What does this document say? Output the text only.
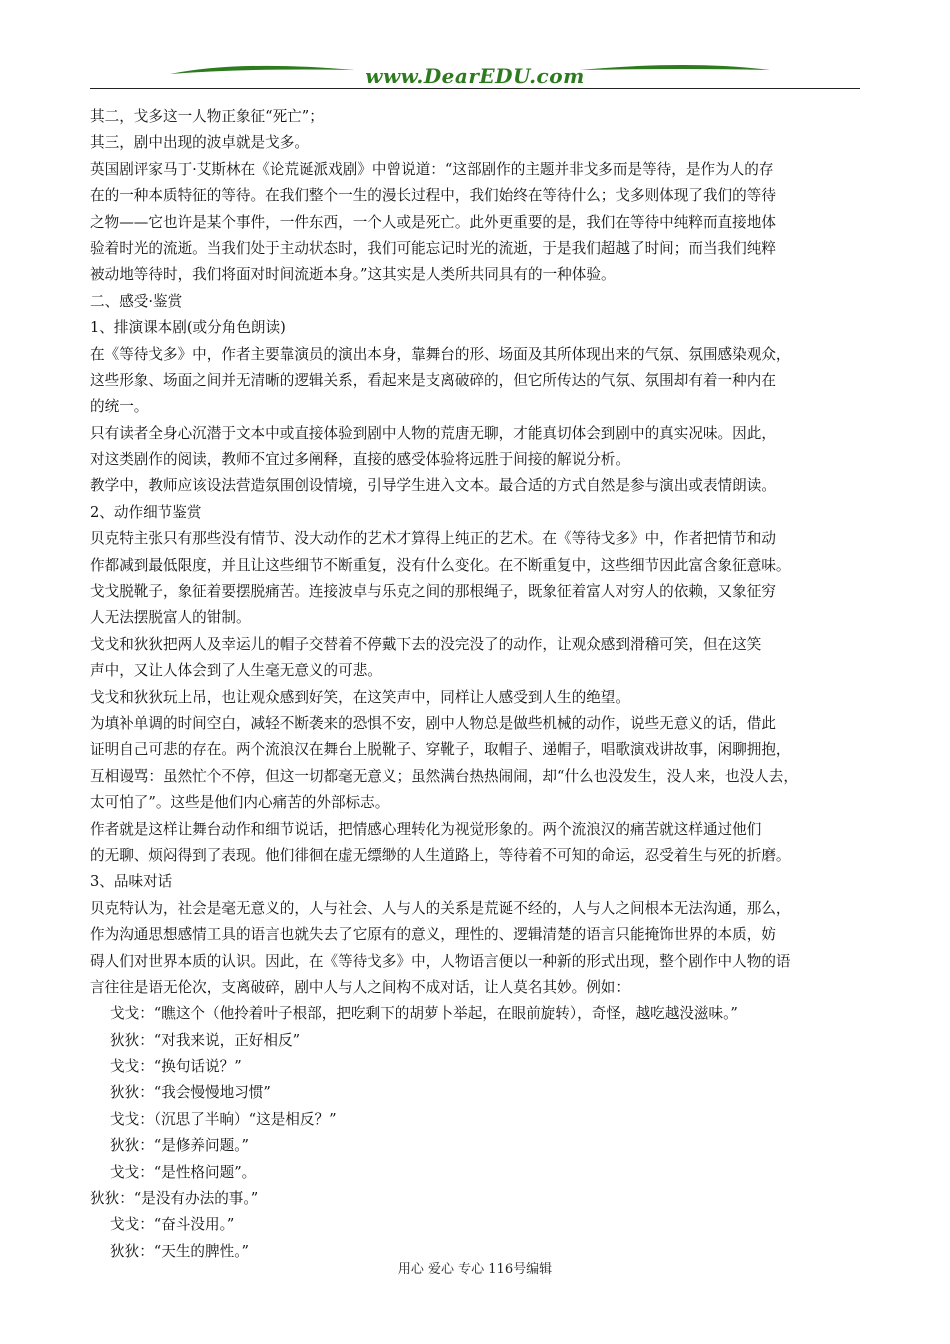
www.DearEDU.com
其二，戈多这一人物正象征“死亡”；
其三，剧中出现的波卓就是戈多。
英国剧评家马丁·艾斯林在《论荒诞派戏剧》中曾说道：“这部剧作的主题并非戈多而是等待，是作为人的存
在的一种本质特征的等待。在我们整个一生的漫长过程中，我们始终在等待什么；戈多则体现了我们的等待
之物——它也许是某个事件，一件东西，一个人或是死亡。此外更重要的是，我们在等待中纯粹而直接地体
验着时光的流逝。当我们处于主动状态时，我们可能忘记时光的流逝，于是我们超越了时间；而当我们纯粹
被动地等待时，我们将面对时间流逝本身。”这其实是人类所共同具有的一种体验。
二、感受·鉴赏
1、排演课本剧(或分角色朗读)
在《等待戈多》中，作者主要靠演员的演出本身，靠舞台的形、场面及其所体现出来的气氛、氛围感染观众，
这些形象、场面之间并无清晰的逻辑关系，看起来是支离破碎的，但它所传达的气氛、氛围却有着一种内在
的统一。
只有读者全身心沉潜于文本中或直接体验到剧中人物的荒唐无聊，才能真切体会到剧中的真实况味。因此，
对这类剧作的阅读，教师不宜过多阐释，直接的感受体验将远胜于间接的解说分析。
教学中，教师应该设法营造氛围创设情境，引导学生进入文本。最合适的方式自然是参与演出或表情朗读。
2、动作细节鉴赏
贝克特主张只有那些没有情节、没大动作的艺术才算得上纯正的艺术。在《等待戈多》中，作者把情节和动
作都减到最低限度，并且让这些细节不断重复，没有什么变化。在不断重复中，这些细节因此富含象征意味。
戈戈脱靴子，象征着要摆脱痛苦。连接波卓与乐克之间的那根绳子，既象征着富人对穷人的依赖，又象征穷
人无法摆脱富人的钳制。
戈戈和狄狄把两人及幸运儿的帽子交替着不停戴下去的没完没了的动作，让观众感到滑稽可笑，但在这笑
声中，又让人体会到了人生毫无意义的可悲。
戈戈和狄狄玩上吊，也让观众感到好笑，在这笑声中，同样让人感受到人生的绝望。
为填补单调的时间空白，减轻不断袭来的恐惧不安，剧中人物总是做些机械的动作，说些无意义的话，借此
证明自己可悲的存在。两个流浪汉在舞台上脱靴子、穿靴子，取帽子、递帽子，唱歌演戏讲故事，闲聊拥抱，
互相谩骂：虽然忙个不停，但这一切都毫无意义；虽然满台热热闹闹，却“什么也没发生，没人来，也没人去，
太可怕了”。这些是他们内心痛苦的外部标志。
作者就是这样让舞台动作和细节说话，把情感心理转化为视觉形象的。两个流浪汉的痛苦就这样通过他们
的无聊、烦闷得到了表现。他们徘徊在虚无缥缈的人生道路上，等待着不可知的命运，忍受着生与死的折磨。
3、品味对话
贝克特认为，社会是毫无意义的，人与社会、人与人的关系是荒诞不经的，人与人之间根本无法沟通，那么，
作为沟通思想感情工具的语言也就失去了它原有的意义，理性的、逻辑清楚的语言只能掩饰世界的本质，妨
碍人们对世界本质的认识。因此，在《等待戈多》中，人物语言便以一种新的形式出现，整个剧作中人物的语
言往往是语无伦次，支离破碎，剧中人与人之间构不成对话，让人莫名其妙。例如：
戈戈：“瞧这个（他拎着叶子根部，把吃剩下的胡萝卜举起，在眼前旋转），奇怪，越吃越没滋味。”
狄狄：“对我来说，正好相反”
戈戈：“换句话说？”
狄狄：“我会慢慢地习惯”
戈戈：（沉思了半晌）“这是相反？”
狄狄：“是修养问题。”
戈戈：“是性格问题”。
狄狄：“是没有办法的事。”
戈戈：“奋斗没用。”
狄狄：“天生的脾性。”
用心 爱心 专心 116号编辑
